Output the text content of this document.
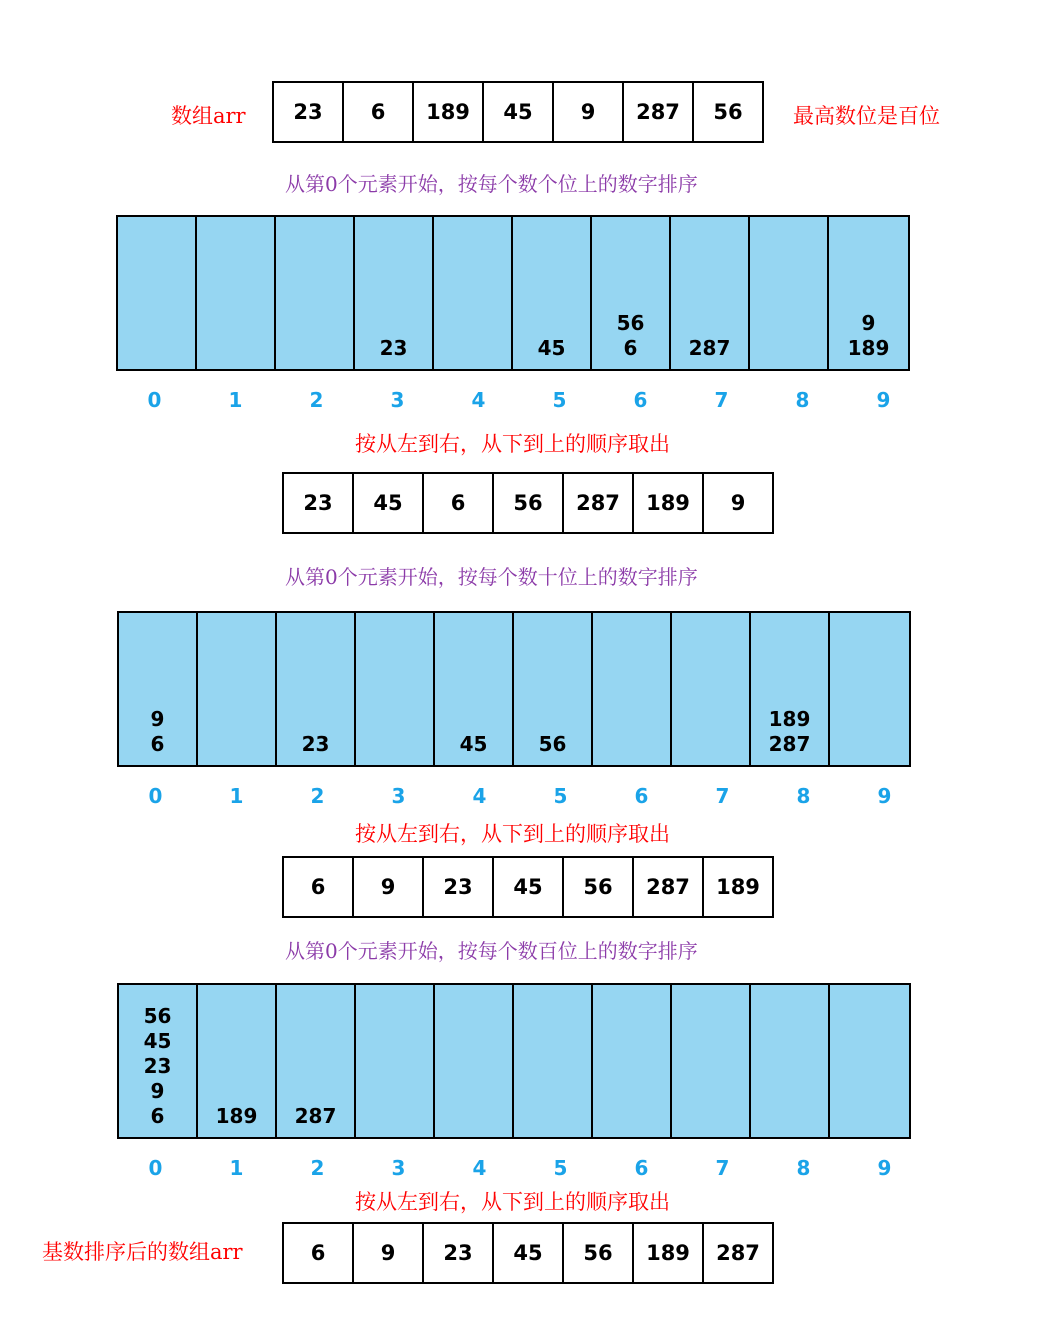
数组arr	23	6	189	45	9	287	56	最高数位是百位
从第0个元素开始，按每个数个位上的数字排序
23	45	6
56
287	189
9
0	1	2	3	4	5	6	7	8	9
按从左到右，从下到上的顺序取出
23	45	6	56	287	189	9
从第0个元素开始，按每个数十位上的数字排序
6
9
23	45	56	287
189
0	1	2	3	4	5	6	7	8	9
按从左到右，从下到上的顺序取出
6	9	23	45	56	287	189
从第0个元素开始，按每个数百位上的数字排序
6
9
23
45
56
189 287
0	1	2	3	4	5	6	7	8	9
按从左到右，从下到上的顺序取出
基数排序后的数组arr	6	9	23	45	56	189	287
